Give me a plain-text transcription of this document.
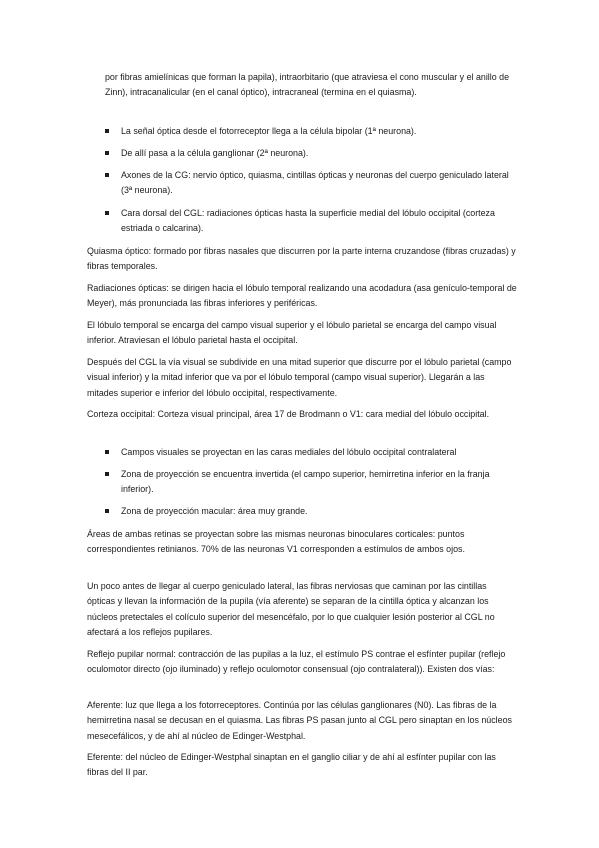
por fibras amielínicas que forman la papila), intraorbitario (que atraviesa el cono muscular y el anillo de Zinn), intracanalicular (en el canal óptico), intracraneal (termina en el quiasma).

La señal óptica desde el fotorreceptor llega a la célula bipolar (1ª neurona).
De allí pasa a la célula ganglionar (2ª neurona).
Axones de la CG: nervio óptico, quiasma, cintillas ópticas y neuronas del cuerpo geniculado lateral (3ª neurona).
Cara dorsal del CGL: radiaciones ópticas hasta la superficie medial del lóbulo occipital (corteza estriada o calcarina).

Quiasma óptico: formado por fibras nasales que discurren por la parte interna cruzandose (fibras cruzadas) y fibras temporales.

Radiaciones ópticas: se dirigen hacia el lóbulo temporal realizando una acodadura (asa genículo-temporal de Meyer), más pronunciada las fibras inferiores y periféricas.

El lóbulo temporal se encarga del campo visual superior y el lóbulo parietal se encarga del campo visual inferior. Atraviesan el lóbulo parietal hasta el occipital.

Después del CGL la vía visual se subdivide en una mitad superior que discurre por el lóbulo parietal (campo visual inferior) y la mitad inferior que va por el lóbulo temporal (campo visual superior). Llegarán a las mitades superior e inferior del lóbulo occipital, respectivamente.

Corteza occipital: Corteza visual principal, área 17 de Brodmann o V1: cara medial del lóbulo occipital.

Campos visuales se proyectan en las caras mediales del lóbulo occipital contralateral
Zona de proyección se encuentra invertida (el campo superior, hemirretina inferior en la franja inferior).
Zona de proyección macular: área muy grande.

Áreas de ambas retinas se proyectan sobre las mismas neuronas binoculares corticales: puntos correspondientes retinianos. 70% de las neuronas V1 corresponden a estímulos de ambos ojos.

Un poco antes de llegar al cuerpo geniculado lateral, las fibras nerviosas que caminan por las cintillas ópticas y llevan la información de la pupila (vía aferente) se separan de la cintilla óptica y alcanzan los núcleos pretectales el colículo superior del mesencéfalo, por lo que cualquier lesión posterior al CGL no afectará a los reflejos pupilares.

Reflejo pupilar normal: contracción de las pupilas a la luz, el estímulo PS contrae el esfínter pupilar (reflejo oculomotor directo (ojo iluminado) y reflejo oculomotor consensual (ojo contralateral)). Existen dos vías:

Aferente: luz que llega a los fotorreceptores. Continúa por las células ganglionares (N0). Las fibras de la hemirretina nasal se decusan en el quiasma. Las fibras PS pasan junto al CGL pero sinaptan en los núcleos mesecefálicos, y de ahí al núcleo de Edinger-Westphal.

Eferente: del núcleo de Edinger-Westphal sinaptan en el ganglio ciliar y de ahí al esfínter pupilar con las fibras del II par.
